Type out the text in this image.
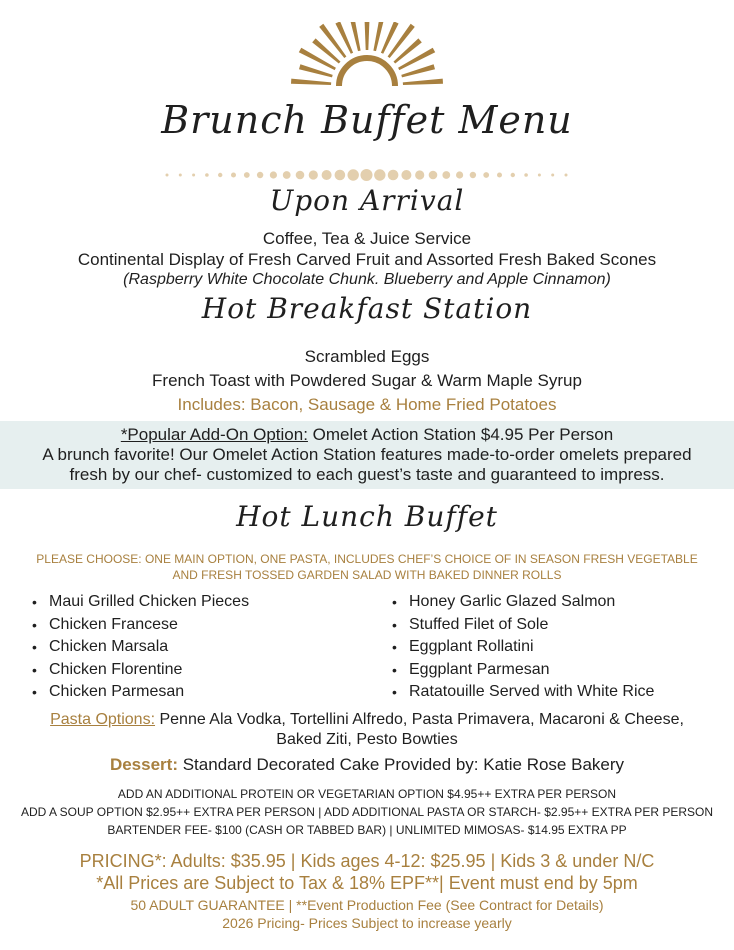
Brunch Buffet Menu
Upon Arrival
Coffee, Tea & Juice Service
Continental Display of Fresh Carved Fruit and Assorted Fresh Baked Scones
(Raspberry White Chocolate Chunk. Blueberry and Apple Cinnamon)
Hot Breakfast Station
Scrambled Eggs
French Toast with Powdered Sugar & Warm Maple Syrup
Includes: Bacon, Sausage & Home Fried Potatoes
*Popular Add-On Option: Omelet Action Station $4.95 Per Person
A brunch favorite! Our Omelet Action Station features made-to-order omelets prepared
fresh by our chef- customized to each guest’s taste and guaranteed to impress.
Hot Lunch Buffet
PLEASE CHOOSE: ONE MAIN OPTION, ONE PASTA, INCLUDES CHEF’S CHOICE OF IN SEASON FRESH VEGETABLE
AND FRESH TOSSED GARDEN SALAD WITH BAKED DINNER ROLLS
• Maui Grilled Chicken Pieces
• Chicken Francese
• Chicken Marsala
• Chicken Florentine
• Chicken Parmesan
• Honey Garlic Glazed Salmon
• Stuffed Filet of Sole
• Eggplant Rollatini
• Eggplant Parmesan
• Ratatouille Served with White Rice
Pasta Options: Penne Ala Vodka, Tortellini Alfredo, Pasta Primavera, Macaroni & Cheese,
Baked Ziti, Pesto Bowties
Dessert: Standard Decorated Cake Provided by: Katie Rose Bakery
ADD AN ADDITIONAL PROTEIN OR VEGETARIAN OPTION $4.95++ EXTRA PER PERSON
ADD A SOUP OPTION $2.95++ EXTRA PER PERSON | ADD ADDITIONAL PASTA OR STARCH- $2.95++ EXTRA PER PERSON
BARTENDER FEE- $100 (CASH OR TABBED BAR) | UNLIMITED MIMOSAS- $14.95 EXTRA PP
PRICING*: Adults: $35.95 | Kids ages 4-12: $25.95 | Kids 3 & under N/C
*All Prices are Subject to Tax & 18% EPF**| Event must end by 5pm
50 ADULT GUARANTEE | **Event Production Fee (See Contract for Details)
2026 Pricing- Prices Subject to increase yearly
